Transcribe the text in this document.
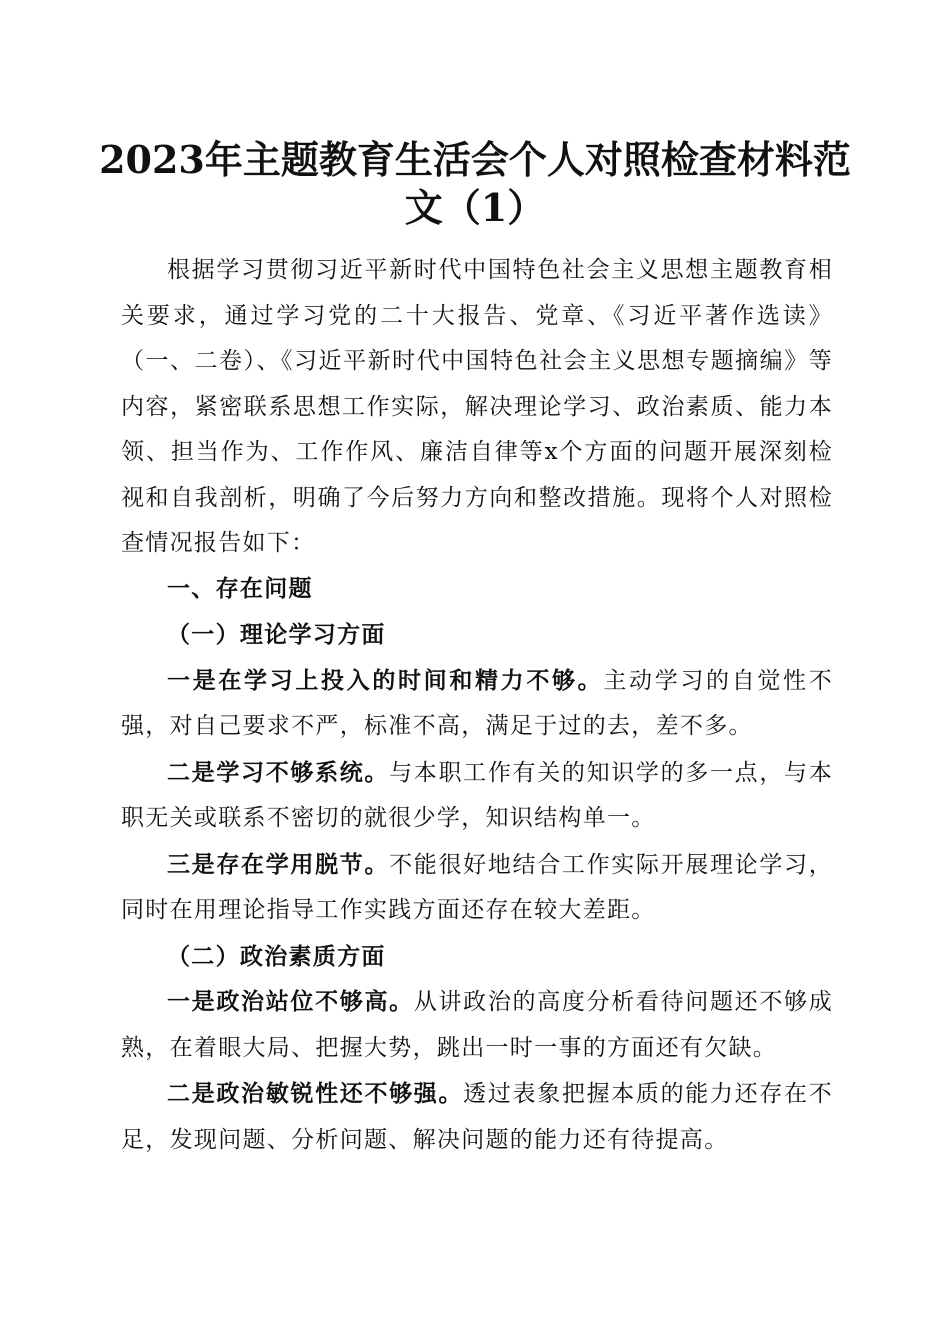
2023年主题教育生活会个人对照检查材料范文（1）

根据学习贯彻习近平新时代中国特色社会主义思想主题教育相关要求，通过学习党的二十大报告、党章、《习近平著作选读》（一、二卷）、《习近平新时代中国特色社会主义思想专题摘编》等内容，紧密联系思想工作实际，解决理论学习、政治素质、能力本领、担当作为、工作作风、廉洁自律等x个方面的问题开展深刻检视和自我剖析，明确了今后努力方向和整改措施。现将个人对照检查情况报告如下：

一、存在问题

（一）理论学习方面

一是在学习上投入的时间和精力不够。主动学习的自觉性不强，对自己要求不严，标准不高，满足于过的去，差不多。

二是学习不够系统。与本职工作有关的知识学的多一点，与本职无关或联系不密切的就很少学，知识结构单一。

三是存在学用脱节。不能很好地结合工作实际开展理论学习，同时在用理论指导工作实践方面还存在较大差距。

（二）政治素质方面

一是政治站位不够高。从讲政治的高度分析看待问题还不够成熟，在着眼大局、把握大势，跳出一时一事的方面还有欠缺。

二是政治敏锐性还不够强。透过表象把握本质的能力还存在不足，发现问题、分析问题、解决问题的能力还有待提高。
